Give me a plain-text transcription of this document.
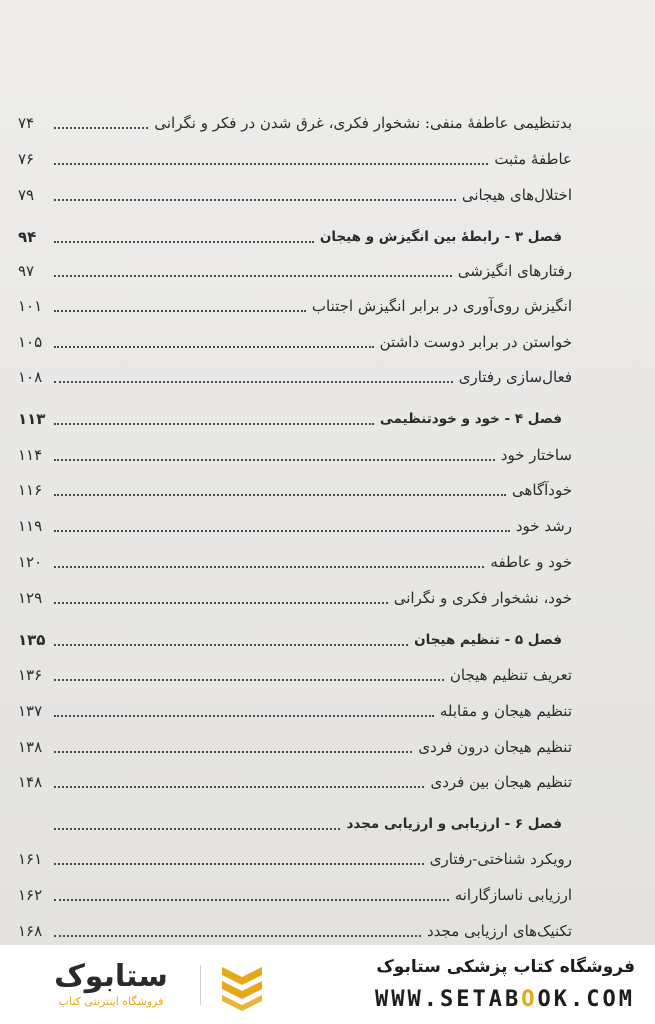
بدتنظیمی عاطفهٔ منفی: نشخوار فکری، غرق شدن در فکر و نگرانی
۷۴
عاطفهٔ مثبت
۷۶
اختلال‌های هیجانی
۷۹
فصل ۳ - رابطهٔ بین انگیزش و هیجان
۹۴
رفتارهای انگیزشی
۹۷
انگیزش روی‌آوری در برابر انگیزش اجتناب
۱۰۱
خواستن در برابر دوست داشتن
۱۰۵
فعال‌سازی رفتاری
۱۰۸
فصل ۴ - خود و خودتنظیمی
۱۱۳
ساختار خود
۱۱۴
خودآگاهی
۱۱۶
رشد خود
۱۱۹
خود و عاطفه
۱۲۰
خود، نشخوار فکری و نگرانی
۱۲۹
فصل ۵ - تنظیم هیجان
۱۳۵
تعریف تنظیم هیجان
۱۳۶
تنظیم هیجان و مقابله
۱۳۷
تنظیم هیجان درون فردی
۱۳۸
تنظیم هیجان بین فردی
۱۴۸
فصل ۶ - ارزیابی و ارزیابی مجدد
رویکرد شناختی-رفتاری
۱۶۱
ارزیابی ناسازگارانه
۱۶۲
تکنیک‌های ارزیابی مجدد
۱۶۸
ستابوک
فروشگاه اینترنتی کتاب
فروشگاه کتاب پزشکی ستابوک
WWW.SETABOOK.COM
